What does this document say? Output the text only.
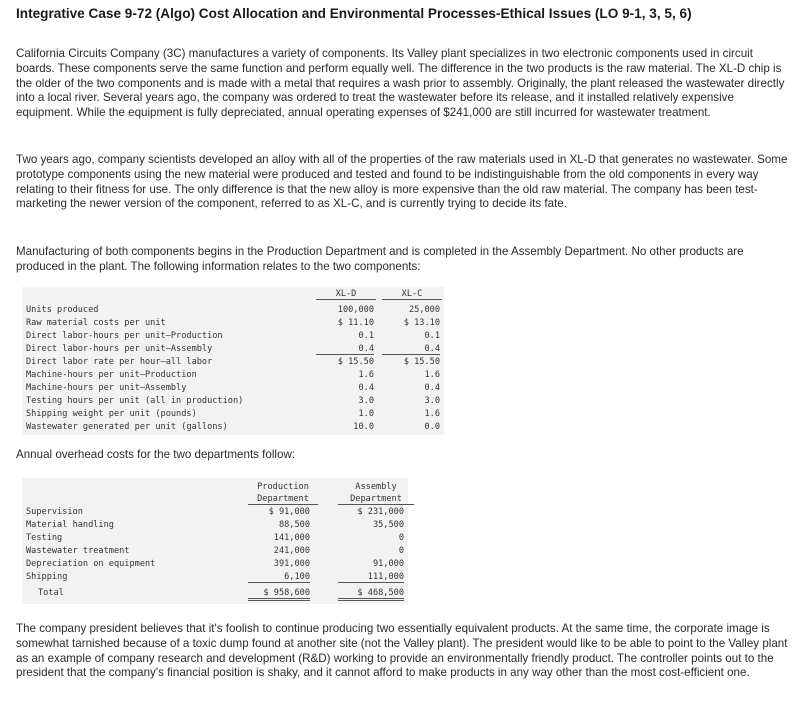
Integrative Case 9-72 (Algo) Cost Allocation and Environmental Processes-Ethical Issues (LO 9-1, 3, 5, 6)

California Circuits Company (3C) manufactures a variety of components. Its Valley plant specializes in two electronic components used in circuit boards. These components serve the same function and perform equally well. The difference in the two products is the raw material. The XL-D chip is the older of the two components and is made with a metal that requires a wash prior to assembly. Originally, the plant released the wastewater directly into a local river. Several years ago, the company was ordered to treat the wastewater before its release, and it installed relatively expensive equipment. While the equipment is fully depreciated, annual operating expenses of $241,000 are still incurred for wastewater treatment.

Two years ago, company scientists developed an alloy with all of the properties of the raw materials used in XL-D that generates no wastewater. Some prototype components using the new material were produced and tested and found to be indistinguishable from the old components in every way relating to their fitness for use. The only difference is that the new alloy is more expensive than the old raw material. The company has been test-marketing the newer version of the component, referred to as XL-C, and is currently trying to decide its fate.

Manufacturing of both components begins in the Production Department and is completed in the Assembly Department. No other products are produced in the plant. The following information relates to the two components:

XL-D	XL-C
Units produced	100,000	25,000
Raw material costs per unit	$ 11.10	$ 13.10
Direct labor-hours per unit–Production	0.1	0.1
Direct labor-hours per unit–Assembly	0.4	0.4
Direct labor rate per hour–all labor	$ 15.50	$ 15.50
Machine-hours per unit–Production	1.6	1.6
Machine-hours per unit–Assembly	0.4	0.4
Testing hours per unit (all in production)	3.0	3.0
Shipping weight per unit (pounds)	1.0	1.6
Wastewater generated per unit (gallons)	10.0	0.0

Annual overhead costs for the two departments follow:

Production
Department
Assembly
Department
Supervision	$ 91,000	$ 231,000
Material handling	88,500	35,500
Testing	141,000	0
Wastewater treatment	241,000	0
Depreciation on equipment	391,000	91,000
Shipping	6,100	111,000
Total	$ 958,600	$ 468,500

The company president believes that it's foolish to continue producing two essentially equivalent products. At the same time, the corporate image is somewhat tarnished because of a toxic dump found at another site (not the Valley plant). The president would like to be able to point to the Valley plant as an example of company research and development (R&D) working to provide an environmentally friendly product. The controller points out to the president that the company's financial position is shaky, and it cannot afford to make products in any way other than the most cost-efficient one.
